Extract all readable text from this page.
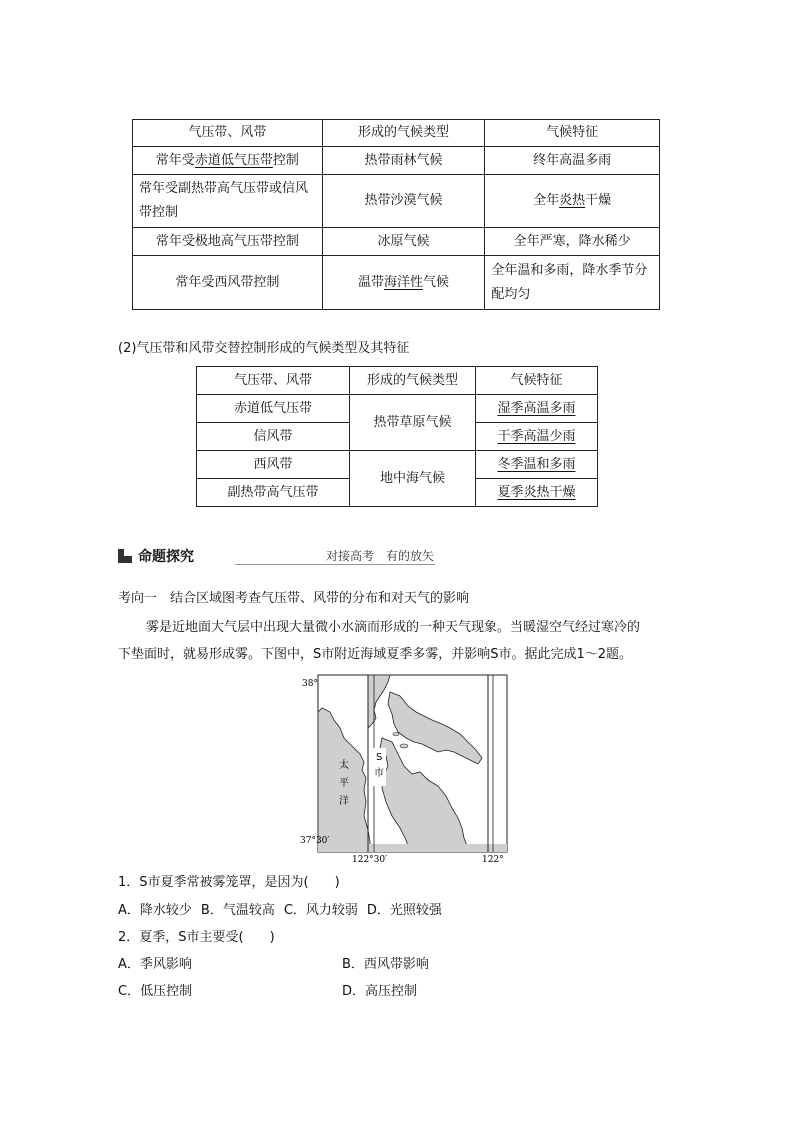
气压带、风带	形成的气候类型	气候特征
常年受赤道低气压带控制	热带雨林气候	终年高温多雨
常年受副热带高气压带或信风带控制	热带沙漠气候	全年炎热干燥
常年受极地高气压带控制	冰原气候	全年严寒，降水稀少
常年受西风带控制	温带海洋性气候	全年温和多雨，降水季节分配均匀
(2)气压带和风带交替控制形成的气候类型及其特征
气压带、风带	形成的气候类型	气候特征
赤道低气压带	热带草原气候	湿季高温多雨
信风带		干季高温少雨
西风带	地中海气候	冬季温和多雨
副热带高气压带		夏季炎热干燥
命题探究	对接高考　有的放矢
考向一　结合区域图考查气压带、风带的分布和对天气的影响
雾是近地面大气层中出现大量微小水滴而形成的一种天气现象。当暖湿空气经过寒冷的
下垫面时，就易形成雾。下图中，S市附近海域夏季多雾，并影响S市。据此完成1～2题。
38°
37°30′
122°30′	122°
太
平
洋
S
市
1．S市夏季常被雾笼罩，是因为(　　)
A．降水较少 B．气温较高 C．风力较弱 D．光照较强
2．夏季，S市主要受(　　)
A．季风影响	B．西风带影响
C．低压控制	D．高压控制
